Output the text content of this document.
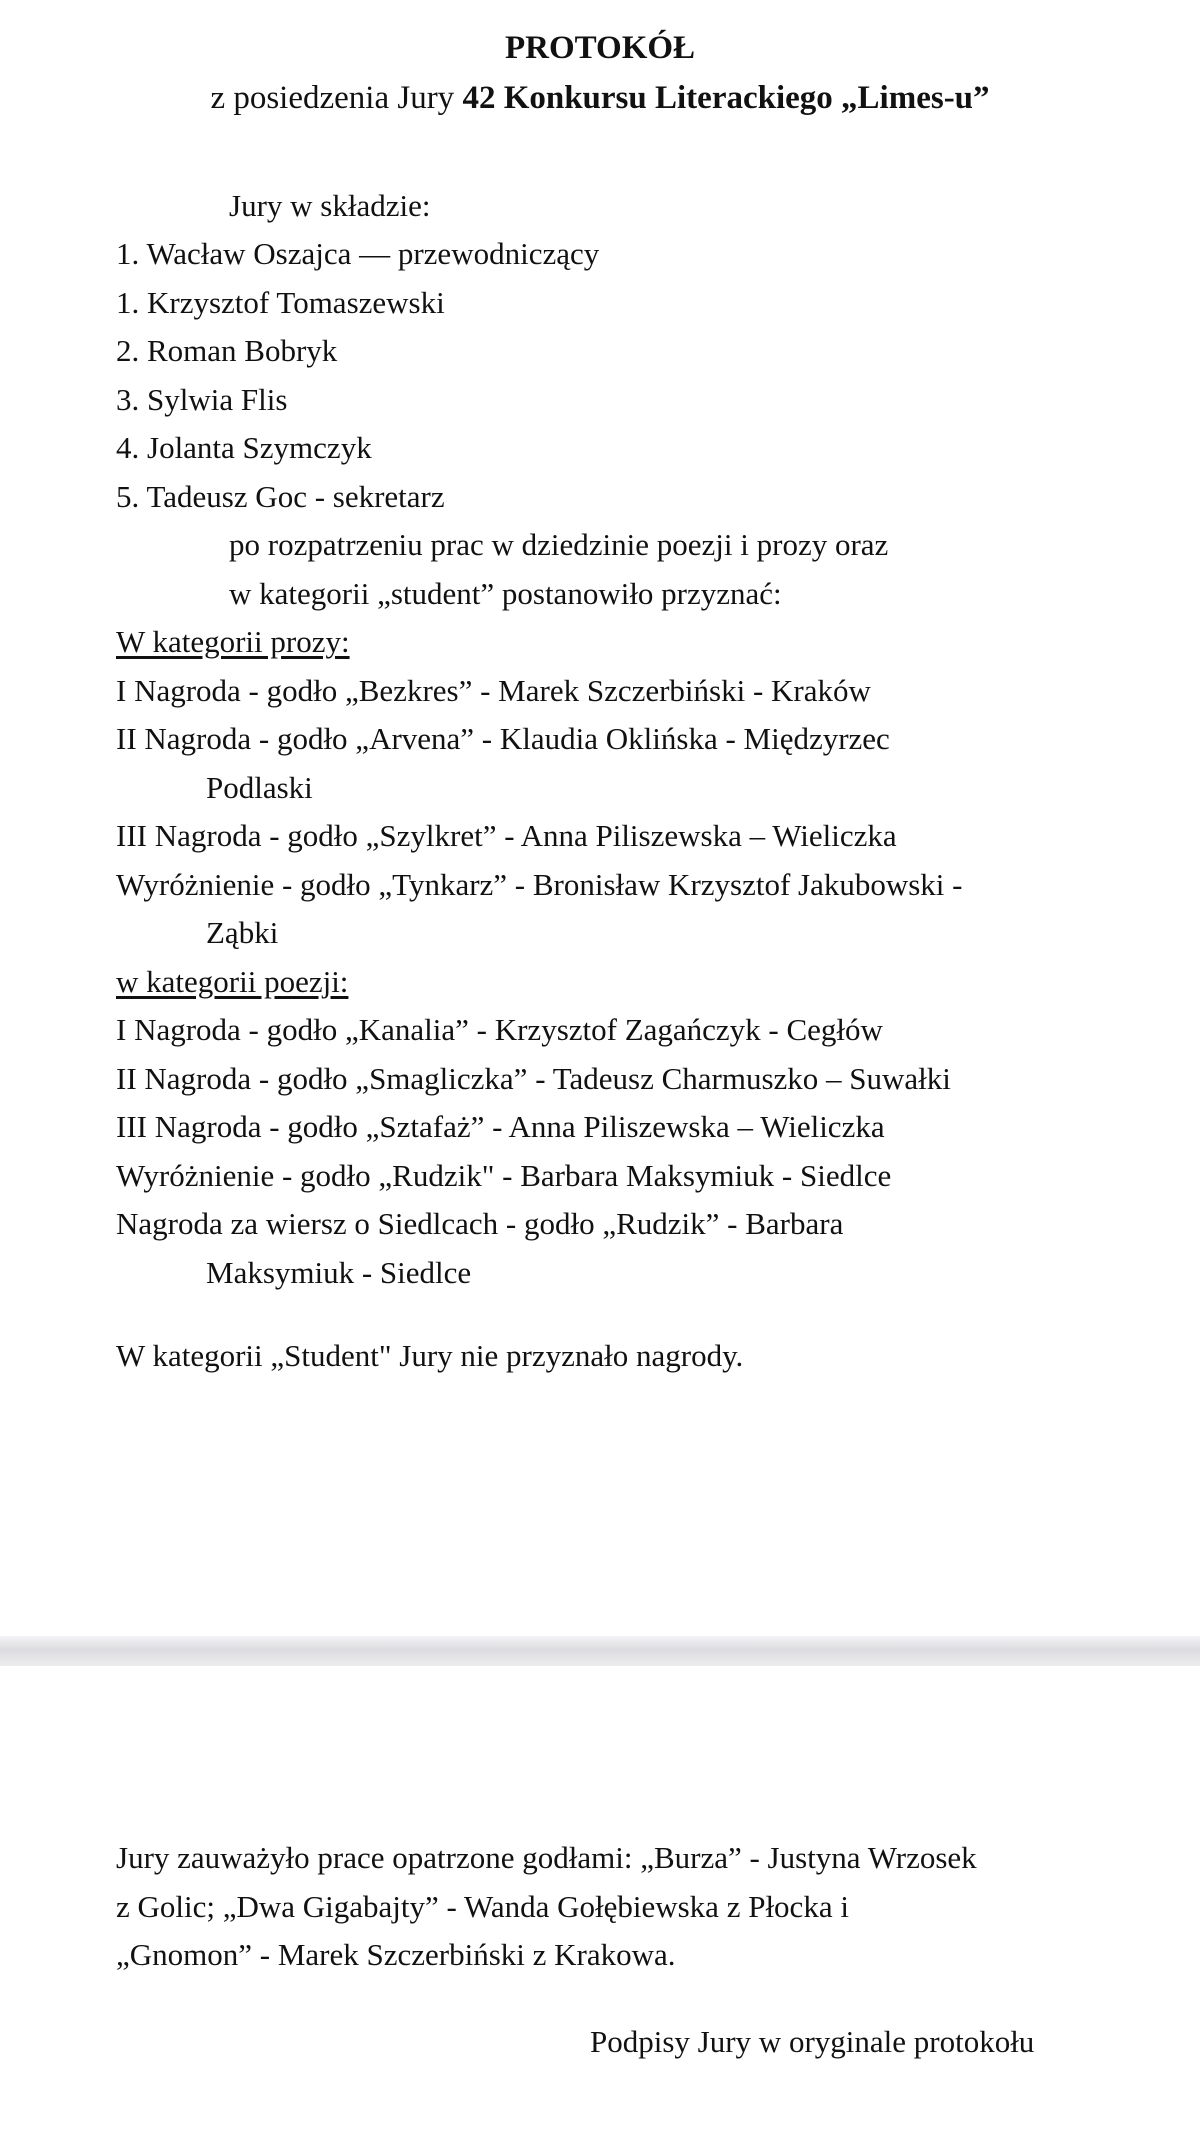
PROTOKÓŁ
z posiedzenia Jury 42 Konkursu Literackiego „Limes-u”
Jury w składzie:
1. Wacław Oszajca — przewodniczący
1. Krzysztof Tomaszewski
2. Roman Bobryk
3. Sylwia Flis
4. Jolanta Szymczyk
5. Tadeusz Goc - sekretarz
po rozpatrzeniu prac w dziedzinie poezji i prozy oraz
w kategorii „student” postanowiło przyznać:
W kategorii prozy:
I Nagroda - godło „Bezkres” - Marek Szczerbiński - Kraków
II Nagroda - godło „Arvena” - Klaudia Oklińska - Międzyrzec
Podlaski
III Nagroda - godło „Szylkret” - Anna Piliszewska – Wieliczka
Wyróżnienie - godło „Tynkarz” - Bronisław Krzysztof Jakubowski -
Ząbki
w kategorii poezji:
I Nagroda - godło „Kanalia” - Krzysztof Zagańczyk - Cegłów
II Nagroda - godło „Smagliczka” - Tadeusz Charmuszko – Suwałki
III Nagroda - godło „Sztafaż” - Anna Piliszewska – Wieliczka
Wyróżnienie - godło „Rudzik" - Barbara Maksymiuk - Siedlce
Nagroda za wiersz o Siedlcach - godło „Rudzik” - Barbara
Maksymiuk - Siedlce
W kategorii „Student" Jury nie przyznało nagrody.
Jury zauważyło prace opatrzone godłami: „Burza” - Justyna Wrzosek
z Golic; „Dwa Gigabajty” - Wanda Gołębiewska z Płocka i
„Gnomon” - Marek Szczerbiński z Krakowa.
Podpisy Jury w oryginale protokołu
